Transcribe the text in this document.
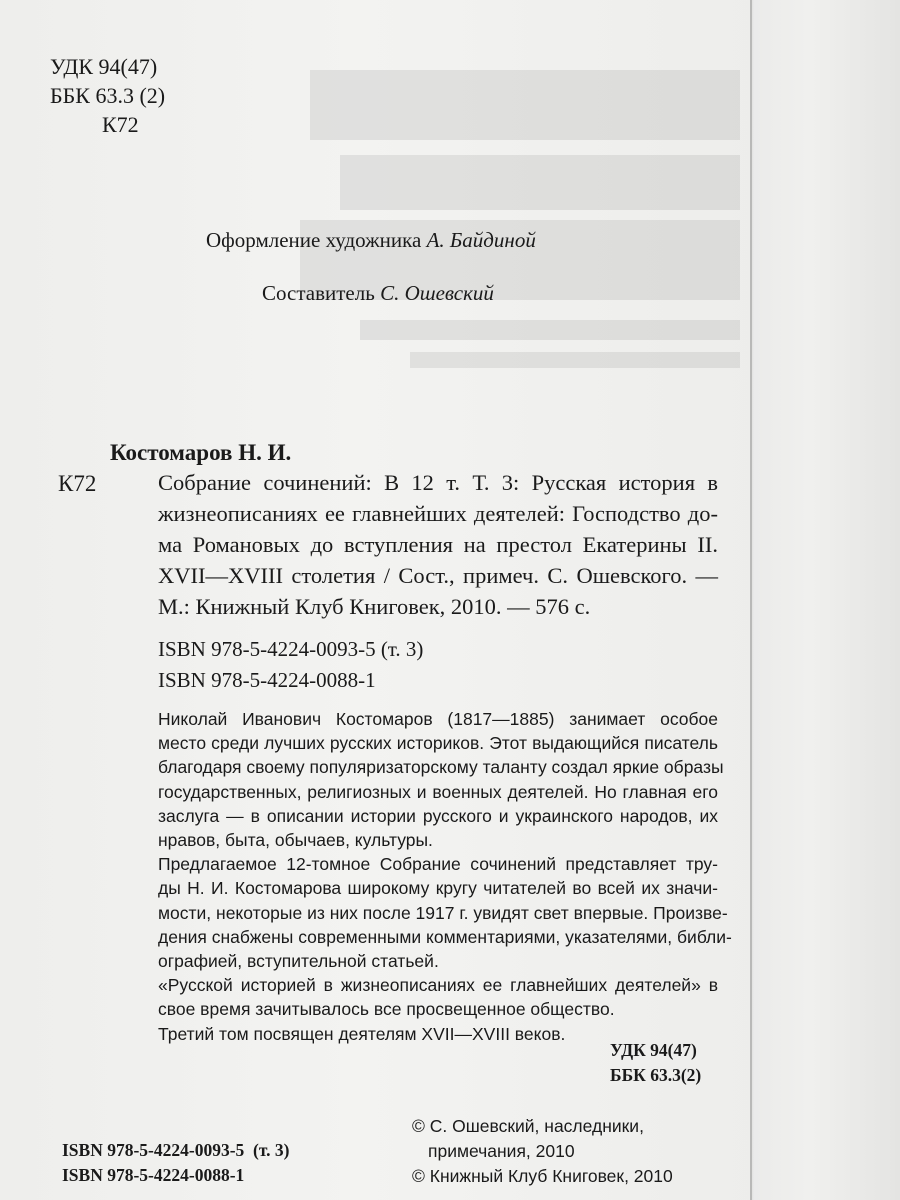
УДК 94(47)
ББК 63.3 (2)
К72
Оформление художника А. Байдиной
Составитель С. Ошевский
Костомаров Н. И.
К72	Собрание сочинений: В 12 т. Т. 3: Русская история в
жизнеописаниях ее главнейших деятелей: Господство до-
ма Романовых до вступления на престол Екатерины II.
XVII—XVIII столетия / Сост., примеч. С. Ошевского. —
М.: Книжный Клуб Книговек, 2010. — 576 с.
ISBN 978-5-4224-0093-5 (т. 3)
ISBN 978-5-4224-0088-1
Николай Иванович Костомаров (1817—1885) занимает особое
место среди лучших русских историков. Этот выдающийся писатель
благодаря своему популяризаторскому таланту создал яркие образы
государственных, религиозных и военных деятелей. Но главная его
заслуга — в описании истории русского и украинского народов, их
нравов, быта, обычаев, культуры.
Предлагаемое 12-томное Собрание сочинений представляет тру-
ды Н. И. Костомарова широкому кругу читателей во всей их значи-
мости, некоторые из них после 1917 г. увидят свет впервые. Произве-
дения снабжены современными комментариями, указателями, библи-
ографией, вступительной статьей.
«Русской историей в жизнеописаниях ее главнейших деятелей» в
свое время зачитывалось все просвещенное общество.
Третий том посвящен деятелям XVII—XVIII веков.
УДК 94(47)
ББК 63.3(2)
ISBN 978-5-4224-0093-5  (т. 3)
ISBN 978-5-4224-0088-1
© С. Ошевский, наследники,
примечания, 2010
© Книжный Клуб Книговек, 2010
